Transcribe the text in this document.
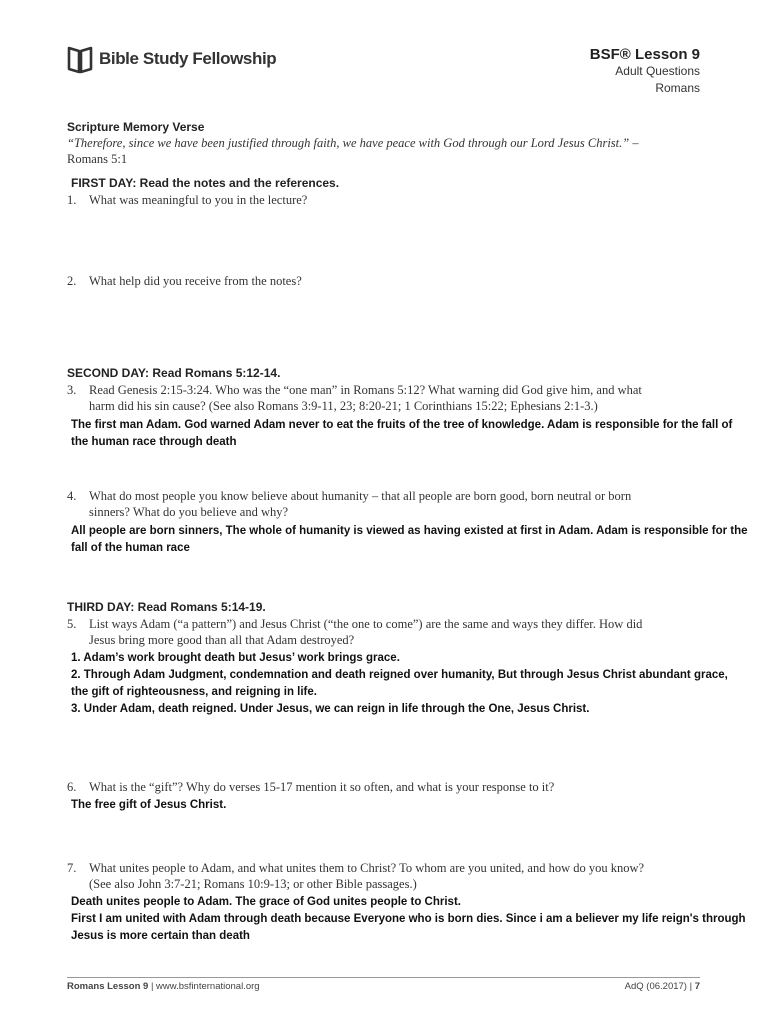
Bible Study Fellowship	BSF® Lesson 9
Adult Questions
Romans
Scripture Memory Verse
“Therefore, since we have been justified through faith, we have peace with God through our Lord Jesus Christ.” –
Romans 5:1
FIRST DAY: Read the notes and the references.
1. What was meaningful to you in the lecture?
2. What help did you receive from the notes?
SECOND DAY: Read Romans 5:12-14.
3. Read Genesis 2:15-3:24. Who was the “one man” in Romans 5:12? What warning did God give him, and what
harm did his sin cause? (See also Romans 3:9-11, 23; 8:20-21; 1 Corinthians 15:22; Ephesians 2:1-3.)
The first man Adam. God warned Adam never to eat the fruits of the tree of knowledge. Adam is responsible for the fall of
the human race through death
4. What do most people you know believe about humanity – that all people are born good, born neutral or born
sinners? What do you believe and why?
All people are born sinners, The whole of humanity is viewed as having existed at first in Adam. Adam is responsible for the
fall of the human race
THIRD DAY: Read Romans 5:14-19.
5. List ways Adam (“a pattern”) and Jesus Christ (“the one to come”) are the same and ways they differ. How did
Jesus bring more good than all that Adam destroyed?
1. Adam’s work brought death but Jesus’ work brings grace.
2. Through Adam Judgment, condemnation and death reigned over humanity, But through Jesus Christ abundant grace,
the gift of righteousness, and reigning in life.
3. Under Adam, death reigned. Under Jesus, we can reign in life through the One, Jesus Christ.
6. What is the “gift”? Why do verses 15-17 mention it so often, and what is your response to it?
The free gift of Jesus Christ.
7. What unites people to Adam, and what unites them to Christ? To whom are you united, and how do you know?
(See also John 3:7-21; Romans 10:9-13; or other Bible passages.)
Death unites people to Adam. The grace of God unites people to Christ.
First I am united with Adam through death because Everyone who is born dies. Since i am a believer my life reign's through
Jesus is more certain than death
Romans Lesson 9 | www.bsfinternational.org	AdQ (06.2017) | 7
